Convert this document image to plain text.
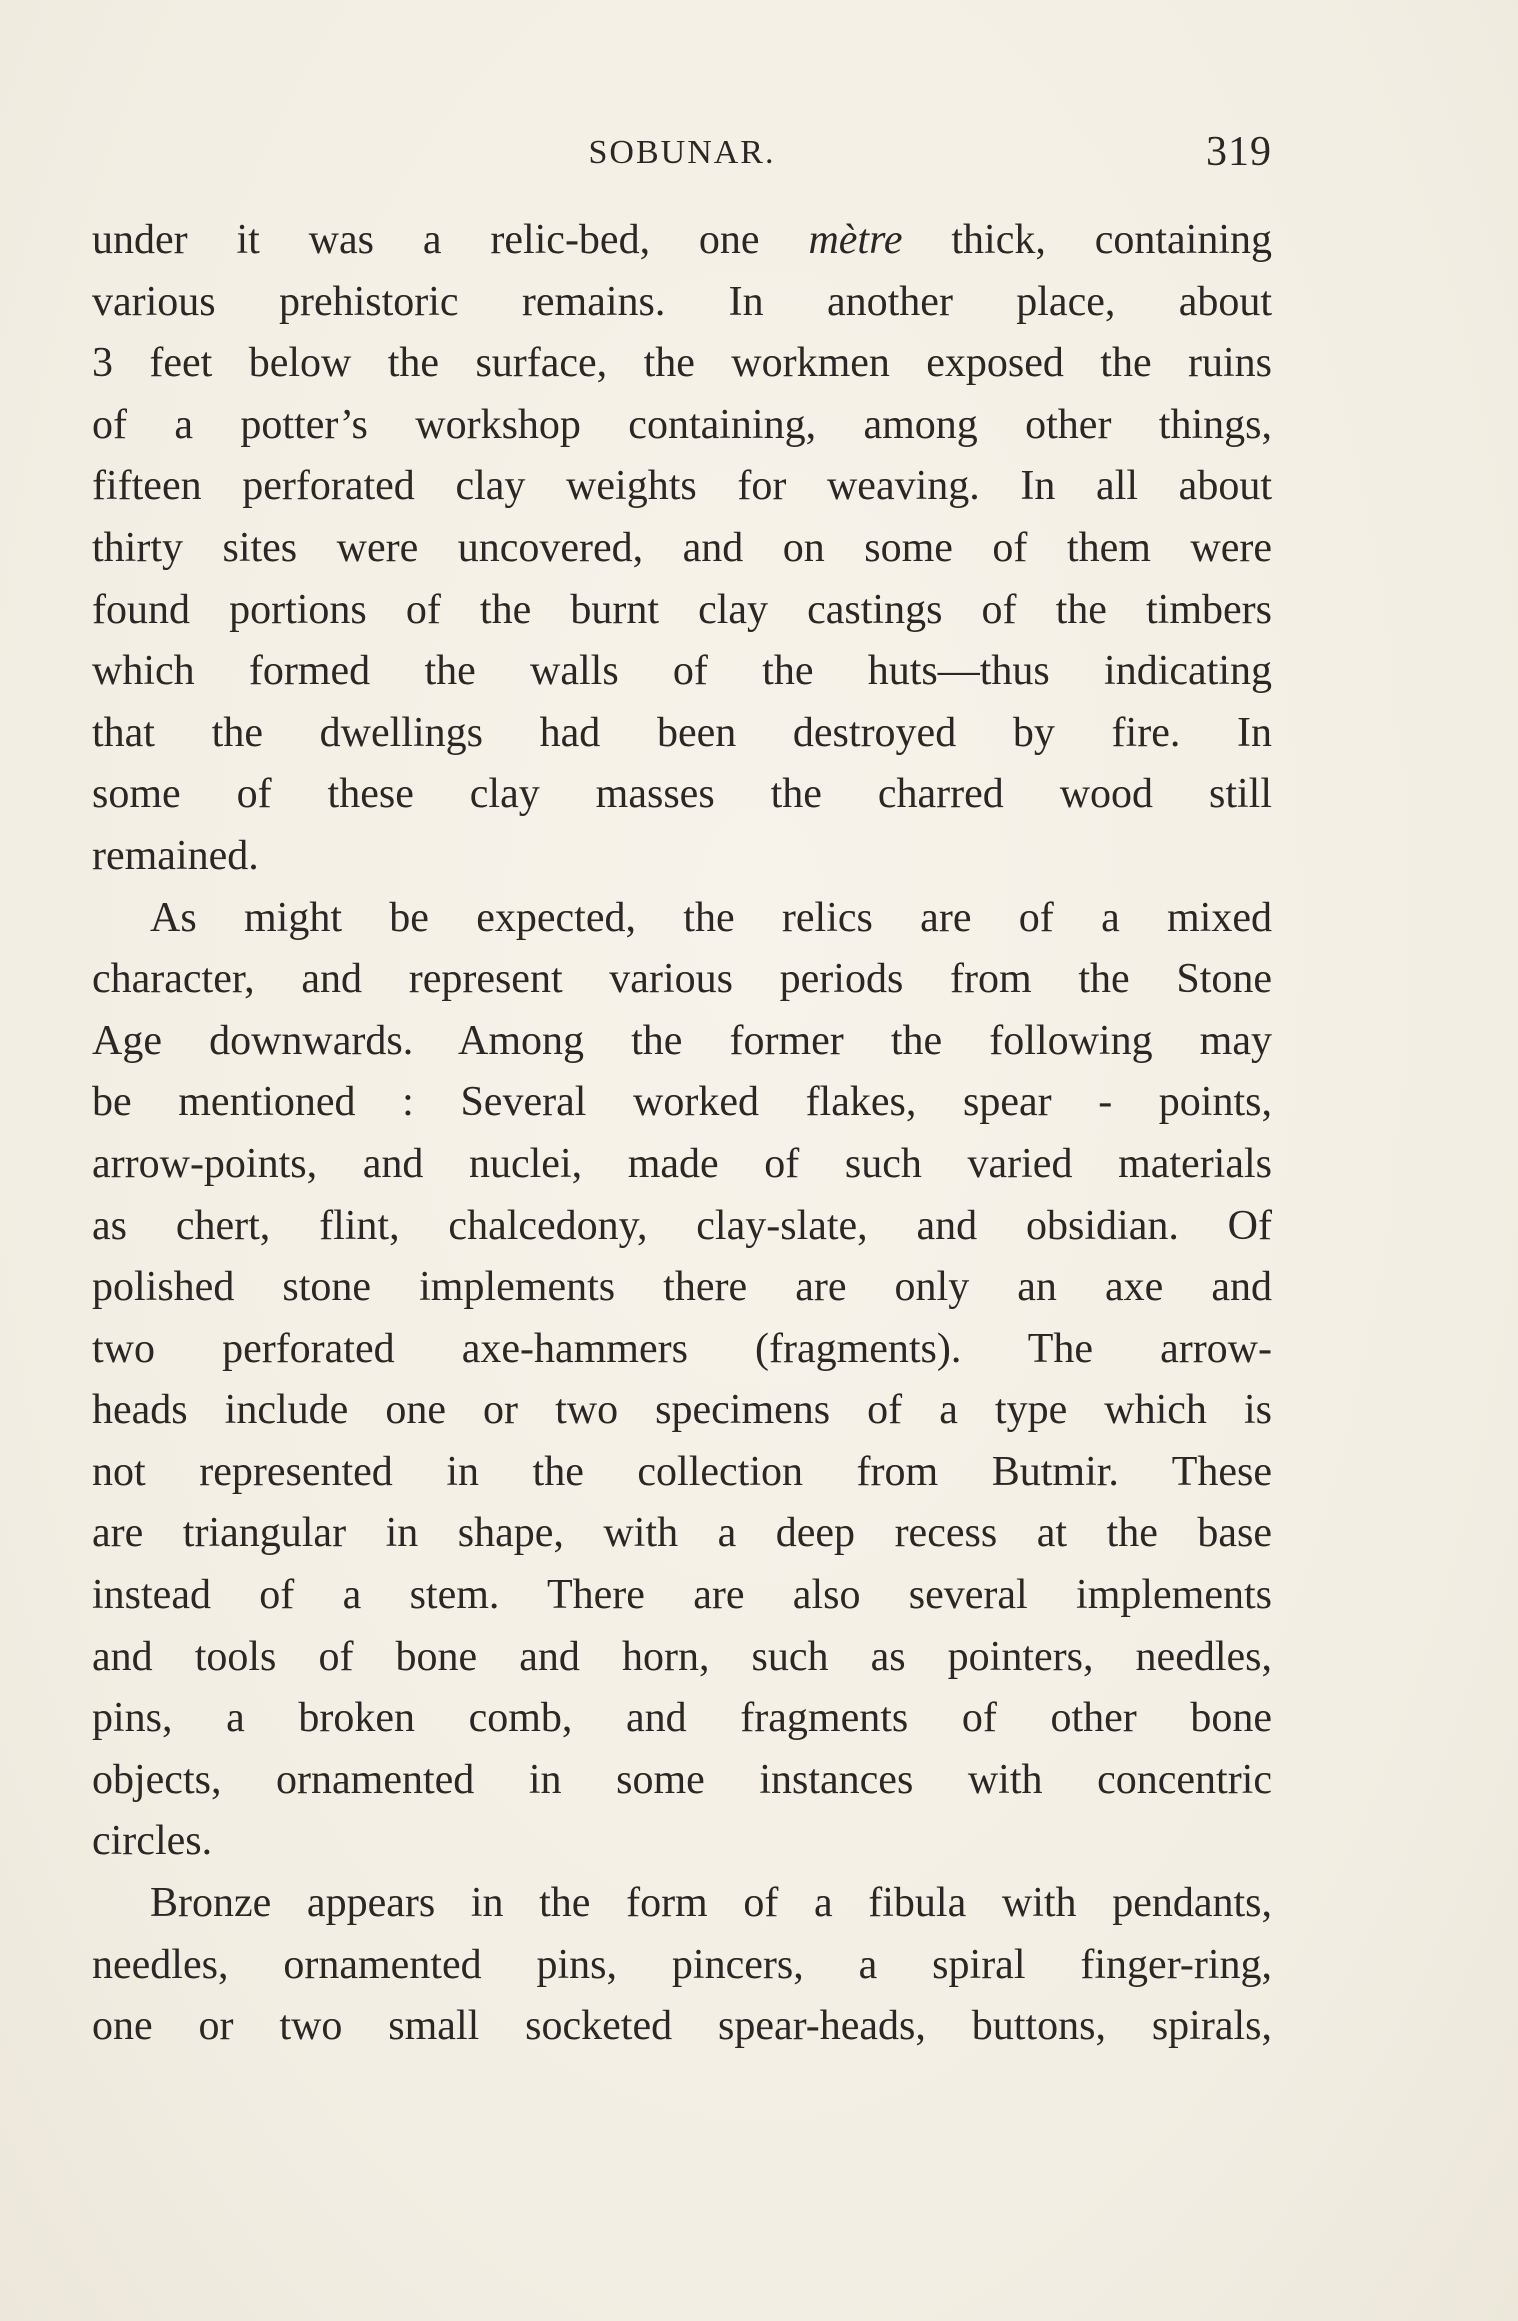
SOBUNAR.	319
under it was a relic-bed, one mètre thick, containing
various prehistoric remains. In another place, about
3 feet below the surface, the workmen exposed the ruins
of a potter’s workshop containing, among other things,
fifteen perforated clay weights for weaving. In all about
thirty sites were uncovered, and on some of them were
found portions of the burnt clay castings of the timbers
which formed the walls of the huts—thus indicating
that the dwellings had been destroyed by fire. In
some of these clay masses the charred wood still
remained.
As might be expected, the relics are of a mixed
character, and represent various periods from the Stone
Age downwards. Among the former the following may
be mentioned : Several worked flakes, spear - points,
arrow-points, and nuclei, made of such varied materials
as chert, flint, chalcedony, clay-slate, and obsidian. Of
polished stone implements there are only an axe and
two perforated axe-hammers (fragments). The arrow-
heads include one or two specimens of a type which is
not represented in the collection from Butmir. These
are triangular in shape, with a deep recess at the base
instead of a stem. There are also several implements
and tools of bone and horn, such as pointers, needles,
pins, a broken comb, and fragments of other bone
objects, ornamented in some instances with concentric
circles.
Bronze appears in the form of a fibula with pendants,
needles, ornamented pins, pincers, a spiral finger-ring,
one or two small socketed spear-heads, buttons, spirals,
